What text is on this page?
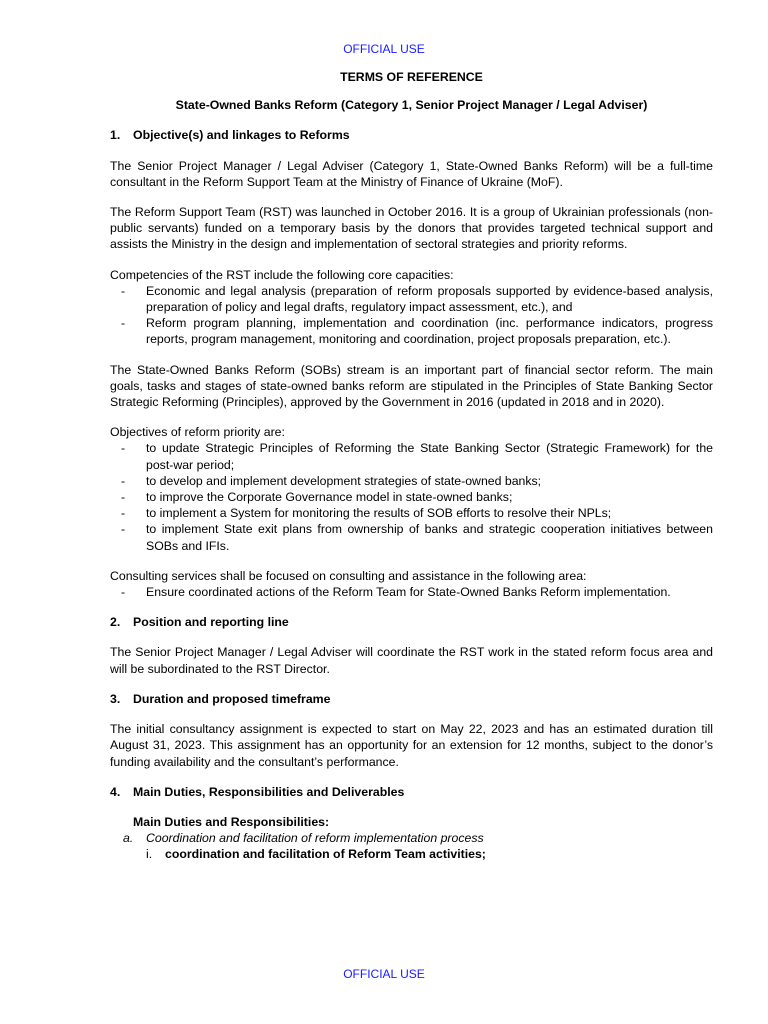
OFFICIAL USE

TERMS OF REFERENCE

State-Owned Banks Reform (Category 1, Senior Project Manager / Legal Adviser)

1. Objective(s) and linkages to Reforms

The Senior Project Manager / Legal Adviser (Category 1, State-Owned Banks Reform) will be a full-time consultant in the Reform Support Team at the Ministry of Finance of Ukraine (MoF).

The Reform Support Team (RST) was launched in October 2016. It is a group of Ukrainian professionals (non-public servants) funded on a temporary basis by the donors that provides targeted technical support and assists the Ministry in the design and implementation of sectoral strategies and priority reforms.

Competencies of the RST include the following core capacities:

- Economic and legal analysis (preparation of reform proposals supported by evidence-based analysis, preparation of policy and legal drafts, regulatory impact assessment, etc.), and
- Reform program planning, implementation and coordination (inc. performance indicators, progress reports, program management, monitoring and coordination, project proposals preparation, etc.).

The State-Owned Banks Reform (SOBs) stream is an important part of financial sector reform. The main goals, tasks and stages of state-owned banks reform are stipulated in the Principles of State Banking Sector Strategic Reforming (Principles), approved by the Government in 2016 (updated in 2018 and in 2020).

Objectives of reform priority are:

- to update Strategic Principles of Reforming the State Banking Sector (Strategic Framework) for the post-war period;
- to develop and implement development strategies of state-owned banks;
- to improve the Corporate Governance model in state-owned banks;
- to implement a System for monitoring the results of SOB efforts to resolve their NPLs;
- to implement State exit plans from ownership of banks and strategic cooperation initiatives between SOBs and IFIs.

Consulting services shall be focused on consulting and assistance in the following area:

- Ensure coordinated actions of the Reform Team for State-Owned Banks Reform implementation.
2. Position and reporting line

The Senior Project Manager / Legal Adviser will coordinate the RST work in the stated reform focus area and will be subordinated to the RST Director.

3. Duration and proposed timeframe

The initial consultancy assignment is expected to start on May 22, 2023 and has an estimated duration till August 31, 2023. This assignment has an opportunity for an extension for 12 months, subject to the donor’s funding availability and the consultant’s performance.

4. Main Duties, Responsibilities and Deliverables
Main Duties and Responsibilities:
a. Coordination and facilitation of reform implementation process
i. coordination and facilitation of Reform Team activities;
OFFICIAL USE
